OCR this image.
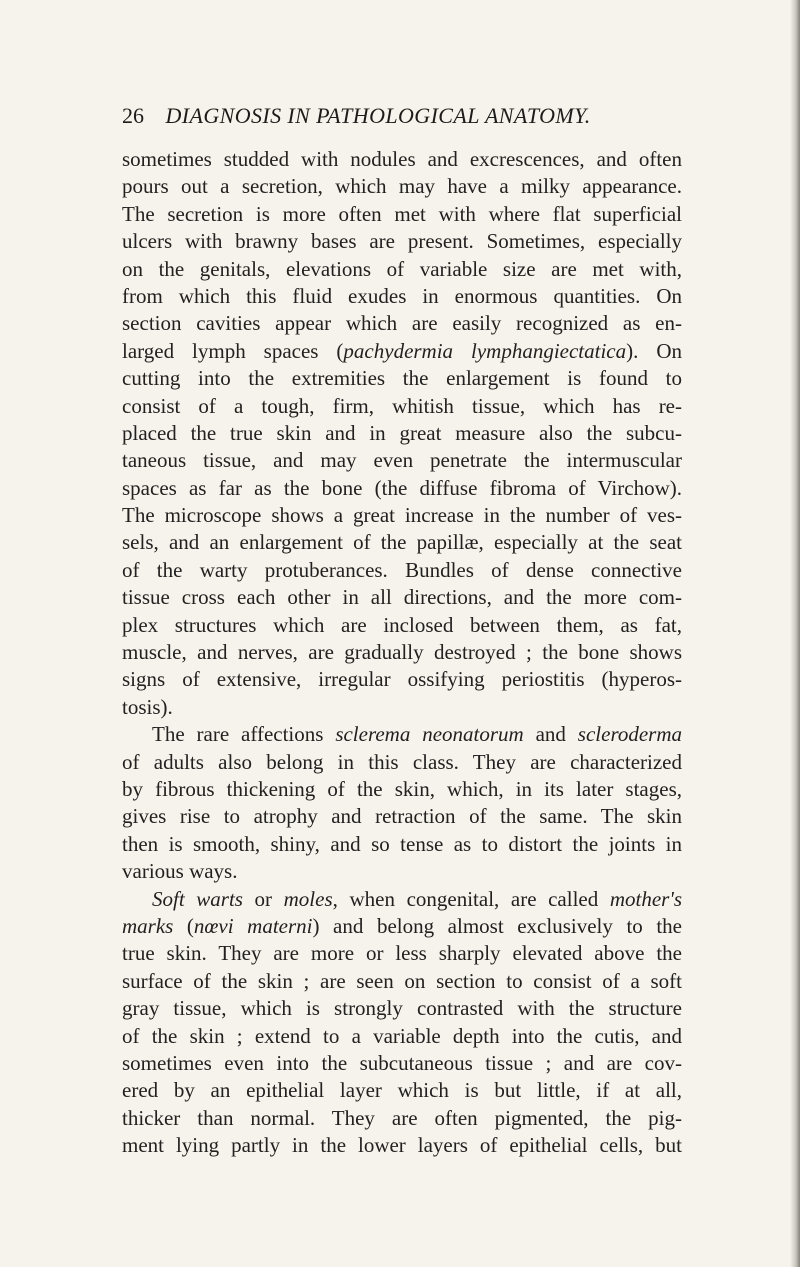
26 DIAGNOSIS IN PATHOLOGICAL ANATOMY.
sometimes studded with nodules and excrescences, and often
pours out a secretion, which may have a milky appearance.
The secretion is more often met with where flat superficial
ulcers with brawny bases are present. Sometimes, especially
on the genitals, elevations of variable size are met with,
from which this fluid exudes in enormous quantities. On
section cavities appear which are easily recognized as en-
larged lymph spaces (pachydermia lymphangiectatica). On
cutting into the extremities the enlargement is found to
consist of a tough, firm, whitish tissue, which has re-
placed the true skin and in great measure also the subcu-
taneous tissue, and may even penetrate the intermuscular
spaces as far as the bone (the diffuse fibroma of Virchow).
The microscope shows a great increase in the number of ves-
sels, and an enlargement of the papillæ, especially at the seat
of the warty protuberances. Bundles of dense connective
tissue cross each other in all directions, and the more com-
plex structures which are inclosed between them, as fat,
muscle, and nerves, are gradually destroyed ; the bone shows
signs of extensive, irregular ossifying periostitis (hyperos-
tosis).
The rare affections sclerema neonatorum and scleroderma
of adults also belong in this class. They are characterized
by fibrous thickening of the skin, which, in its later stages,
gives rise to atrophy and retraction of the same. The skin
then is smooth, shiny, and so tense as to distort the joints in
various ways.
Soft warts or moles, when congenital, are called mother's
marks (nœvi materni) and belong almost exclusively to the
true skin. They are more or less sharply elevated above the
surface of the skin ; are seen on section to consist of a soft
gray tissue, which is strongly contrasted with the structure
of the skin ; extend to a variable depth into the cutis, and
sometimes even into the subcutaneous tissue ; and are cov-
ered by an epithelial layer which is but little, if at all,
thicker than normal. They are often pigmented, the pig-
ment lying partly in the lower layers of epithelial cells, but
